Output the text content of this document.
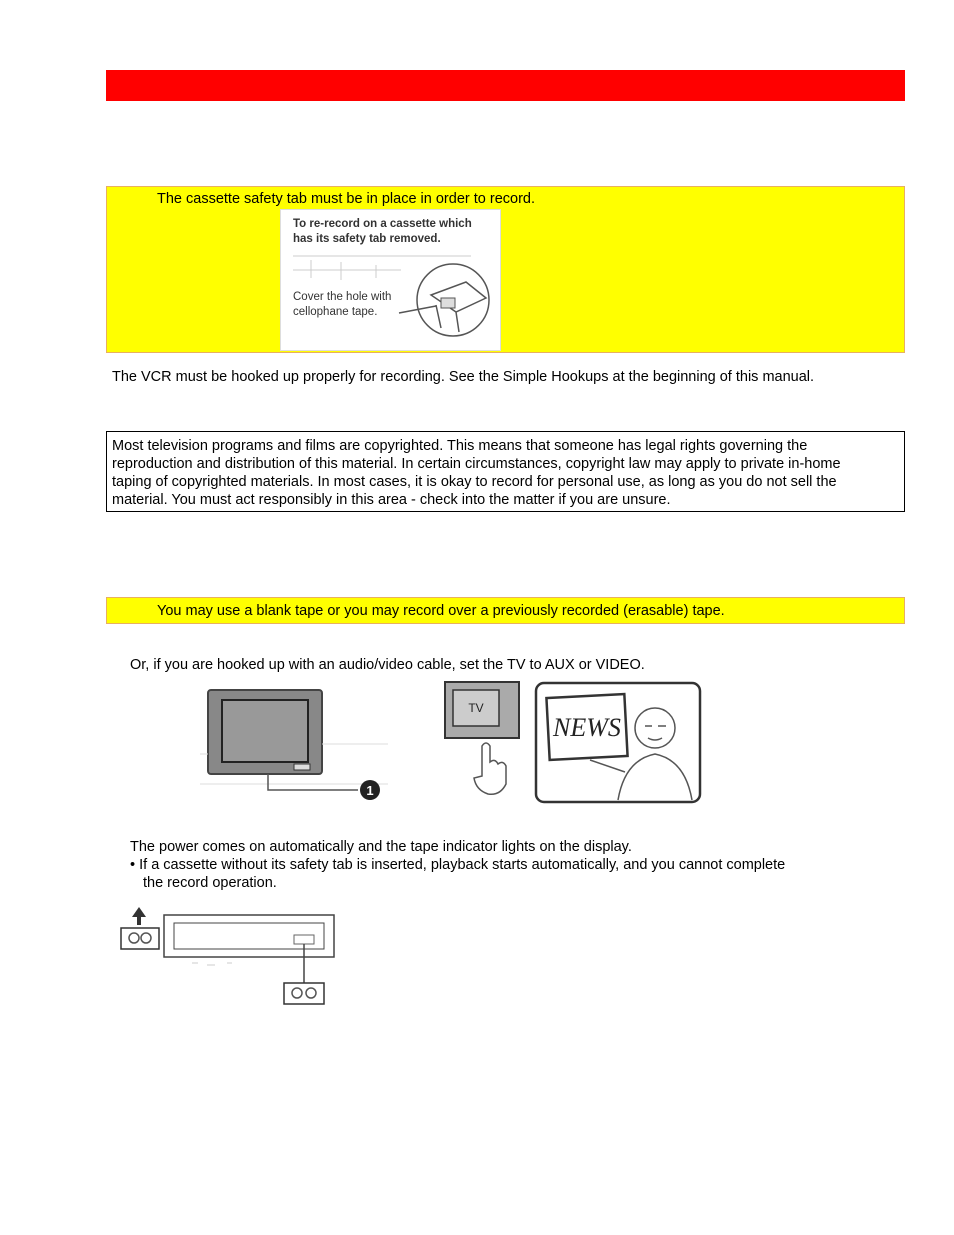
The cassette safety tab must be in place in order to record.
To re-record on a cassette which
has its safety tab removed.
Cover the hole with
cellophane tape.
The VCR must be hooked up properly for recording. See the Simple Hookups at the beginning of this manual.
Most television programs and films are copyrighted. This means that someone has legal rights governing the
reproduction and distribution of this material. In certain circumstances, copyright law may apply to private in-home
taping of copyrighted materials. In most cases, it is okay to record for personal use, as long as you do not sell the
material. You must act responsibly in this area - check into the matter if you are unsure.
You may use a blank tape or you may record over a previously recorded (erasable) tape.
Or, if you are hooked up with an audio/video cable, set the TV to AUX or VIDEO.
1
TV
NEWS
The power comes on automatically and the tape indicator lights on the display.
• If a cassette without its safety tab is inserted, playback starts automatically, and you cannot complete
the record operation.
